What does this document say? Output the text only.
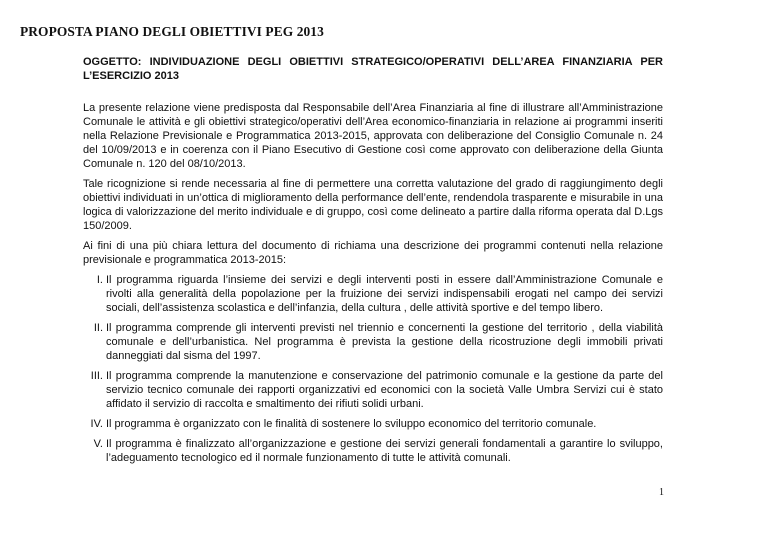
PROPOSTA PIANO DEGLI OBIETTIVI PEG 2013

OGGETTO: INDIVIDUAZIONE DEGLI OBIETTIVI STRATEGICO/OPERATIVI DELL’AREA FINANZIARIA PER L’ESERCIZIO 2013

La presente relazione viene predisposta dal Responsabile dell’Area Finanziaria al fine di illustrare all’Amministrazione Comunale le attività e gli obiettivi strategico/operativi dell’Area economico-finanziaria in relazione ai programmi inseriti nella Relazione Previsionale e Programmatica 2013-2015, approvata con deliberazione del Consiglio Comunale n. 24 del 10/09/2013 e in coerenza con il Piano Esecutivo di Gestione così come approvato con deliberazione della Giunta Comunale n. 120 del 08/10/2013.

Tale ricognizione si rende necessaria al fine di permettere una corretta valutazione del grado di raggiungimento degli obiettivi individuati in un’ottica di miglioramento della performance dell’ente, rendendola trasparente e misurabile in una logica di valorizzazione del merito individuale e di gruppo, così come delineato a partire dalla riforma operata dal D.Lgs 150/2009.

Ai fini di una più chiara lettura del documento di richiama una descrizione dei programmi contenuti nella relazione previsionale e programmatica 2013-2015:

I. Il programma riguarda l’insieme dei servizi e degli interventi posti in essere dall’Amministrazione Comunale e rivolti alla generalità della popolazione per la fruizione dei servizi indispensabili erogati nel campo dei servizi sociali, dell’assistenza scolastica e dell’infanzia, della cultura , delle attività sportive e del tempo libero.
II. Il programma comprende gli interventi previsti nel triennio e concernenti la gestione del territorio , della viabilità comunale e dell’urbanistica. Nel programma è prevista la gestione della ricostruzione degli immobili privati danneggiati dal sisma del 1997.
III. Il programma comprende la manutenzione e conservazione del patrimonio comunale e la gestione da parte del servizio tecnico comunale dei rapporti organizzativi ed economici con la società Valle Umbra Servizi cui è stato affidato il servizio di raccolta e smaltimento dei rifiuti solidi urbani.
IV. Il programma è organizzato con le finalità di sostenere lo sviluppo economico del territorio comunale.
V. Il programma è finalizzato all’organizzazione e gestione dei servizi generali fondamentali a garantire lo sviluppo, l’adeguamento tecnologico ed il normale funzionamento di tutte le attività comunali.
1
